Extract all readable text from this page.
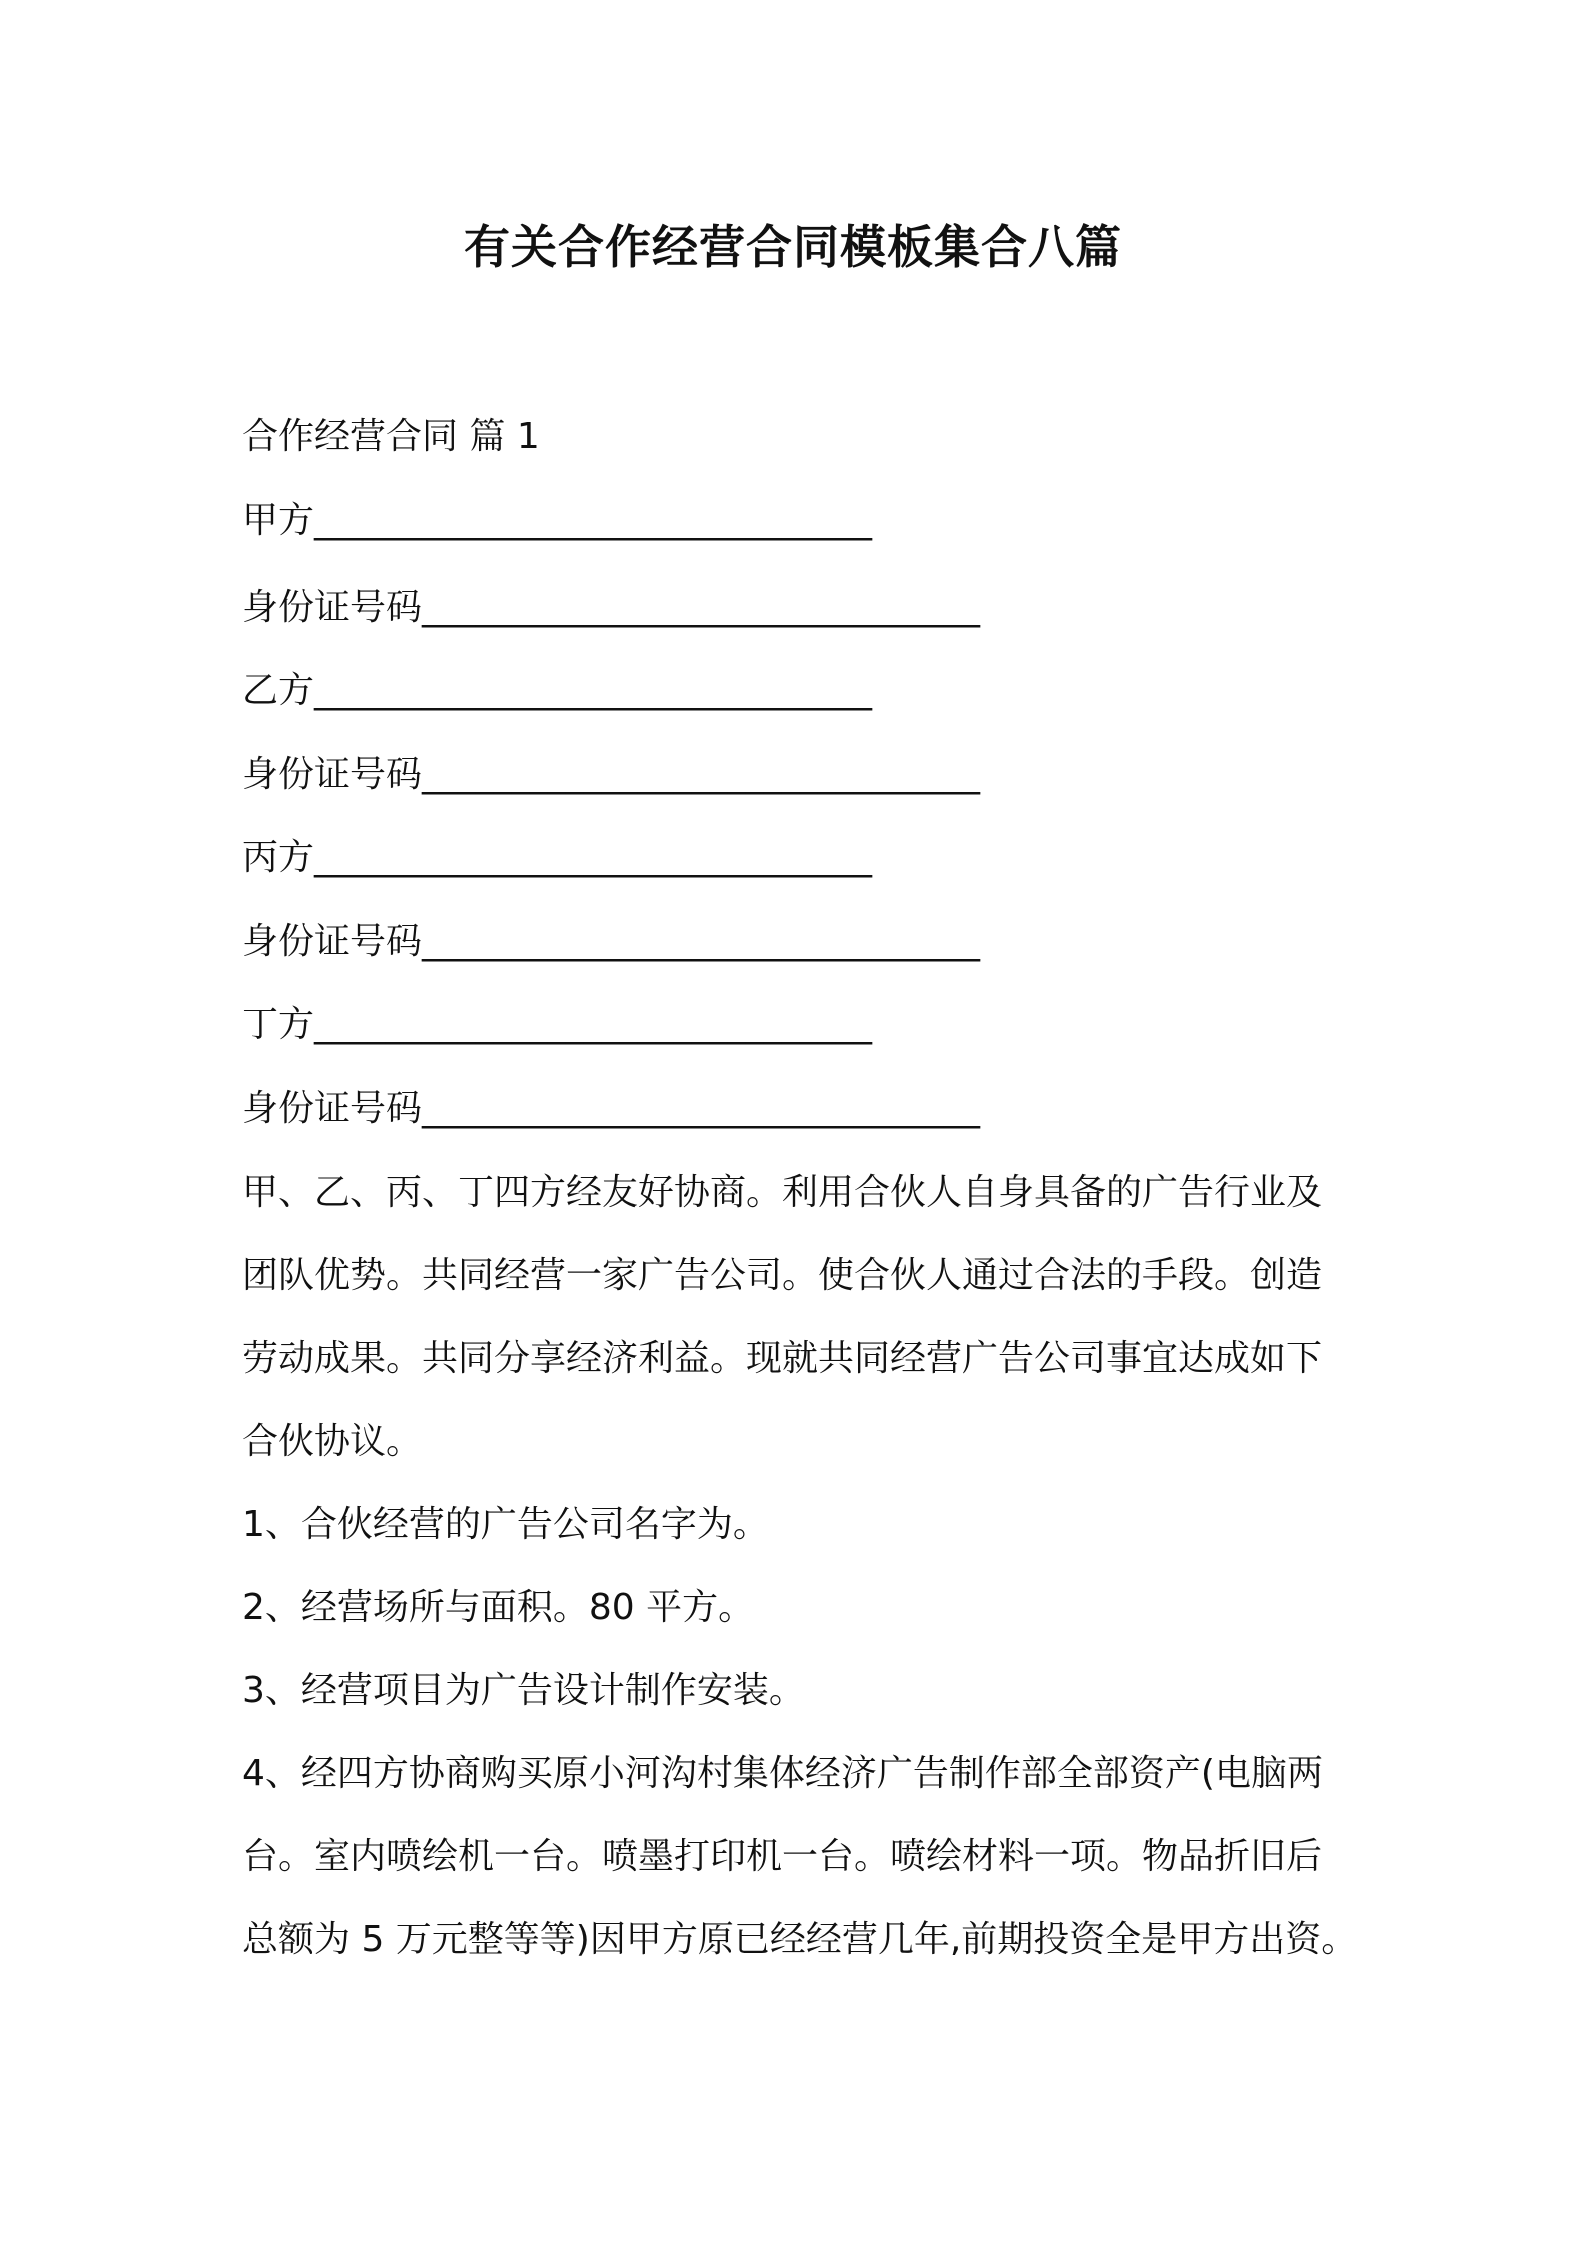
有关合作经营合同模板集合八篇

合作经营合同 篇 1

甲方_______________________________

身份证号码_______________________________

乙方_______________________________

身份证号码_______________________________

丙方_______________________________

身份证号码_______________________________

丁方_______________________________

身份证号码_______________________________

甲、乙、丙、丁四方经友好协商。利用合伙人自身具备的广告行业及
团队优势。共同经营一家广告公司。使合伙人通过合法的手段。创造
劳动成果。共同分享经济利益。现就共同经营广告公司事宜达成如下
合伙协议。

1、合伙经营的广告公司名字为。

2、经营场所与面积。80 平方。

3、经营项目为广告设计制作安装。

4、经四方协商购买原小河沟村集体经济广告制作部全部资产(电脑两
台。室内喷绘机一台。喷墨打印机一台。喷绘材料一项。物品折旧后
总额为 5 万元整等等)因甲方原已经经营几年,前期投资全是甲方出资。
